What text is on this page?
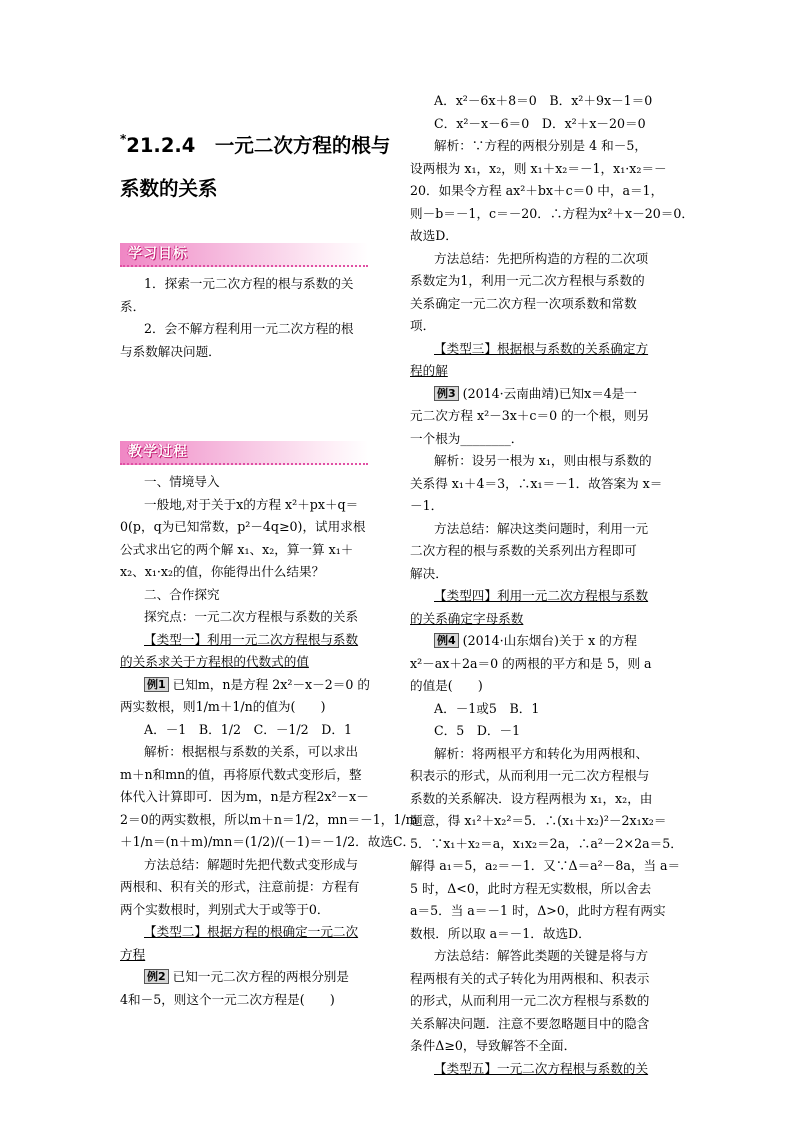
*21.2.4　一元二次方程的根与
系数的关系
学习目标
1．探索一元二次方程的根与系数的关
系．
2．会不解方程利用一元二次方程的根
与系数解决问题．
教学过程
一、情境导入
一般地,对于关于x的方程 x²＋px＋q＝
0(p，q为已知常数，p²－4q≥0)，试用求根
公式求出它的两个解 x₁、x₂，算一算 x₁＋
x₂、x₁·x₂的值，你能得出什么结果？
二、合作探究
探究点：一元二次方程根与系数的关系
【类型一】利用一元二次方程根与系数
的关系求关于方程根的代数式的值
例1 已知m，n是方程 2x²－x－2＝0 的
两实数根，则1/m＋1/n的值为(　　)
A．－1　B．1/2　C．－1/2　D．1
解析：根据根与系数的关系，可以求出
m＋n和mn的值，再将原代数式变形后，整
体代入计算即可．因为m，n是方程2x²－x－
2＝0的两实数根，所以m＋n＝1/2，mn＝－1，1/m
＋1/n＝(n＋m)/mn＝(1/2)/(－1)＝－1/2．故选C．
方法总结：解题时先把代数式变形成与
两根和、积有关的形式，注意前提：方程有
两个实数根时，判别式大于或等于0．
【类型二】根据方程的根确定一元二次
方程
例2 已知一元二次方程的两根分别是
4和－5，则这个一元二次方程是(　　)
A．x²－6x＋8＝0　B．x²＋9x－1＝0
C．x²－x－6＝0　D．x²＋x－20＝0
解析：∵方程的两根分别是 4 和－5，
设两根为 x₁，x₂，则 x₁＋x₂＝－1，x₁·x₂＝－
20．如果令方程 ax²＋bx＋c＝0 中，a＝1，
则－b＝－1，c＝－20．∴方程为x²＋x－20＝0．
故选D．
方法总结：先把所构造的方程的二次项
系数定为1，利用一元二次方程根与系数的
关系确定一元二次方程一次项系数和常数
项．
【类型三】根据根与系数的关系确定方
程的解
例3 (2014·云南曲靖)已知x＝4是一
元二次方程 x²－3x＋c＝0 的一个根，则另
一个根为________．
解析：设另一根为 x₁，则由根与系数的
关系得 x₁＋4＝3，∴x₁＝－1．故答案为 x＝
－1．
方法总结：解决这类问题时，利用一元
二次方程的根与系数的关系列出方程即可
解决．
【类型四】利用一元二次方程根与系数
的关系确定字母系数
例4 (2014·山东烟台)关于 x 的方程
x²－ax＋2a＝0 的两根的平方和是 5，则 a
的值是(　　)
A．－1或5　B．1
C．5　D．－1
解析：将两根平方和转化为用两根和、
积表示的形式，从而利用一元二次方程根与
系数的关系解决．设方程两根为 x₁，x₂，由
题意，得 x₁²＋x₂²＝5．∴(x₁＋x₂)²－2x₁x₂＝
5．∵x₁＋x₂＝a，x₁x₂＝2a，∴a²－2×2a＝5．
解得 a₁＝5，a₂＝－1．又∵Δ＝a²－8a，当 a＝
5 时，Δ<0，此时方程无实数根，所以舍去
a＝5．当 a＝－1 时，Δ>0，此时方程有两实
数根．所以取 a＝－1．故选D．
方法总结：解答此类题的关键是将与方
程两根有关的式子转化为用两根和、积表示
的形式，从而利用一元二次方程根与系数的
关系解决问题．注意不要忽略题目中的隐含
条件Δ≥0，导致解答不全面．
【类型五】一元二次方程根与系数的关
